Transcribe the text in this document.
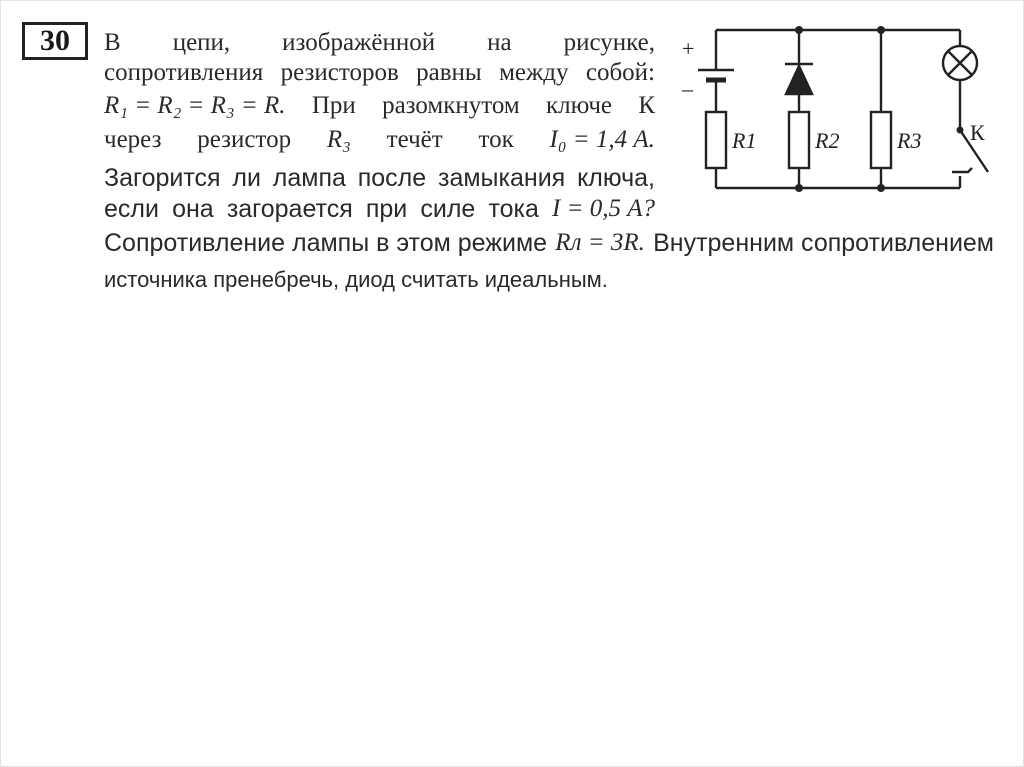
30	В цепи, изображённой на рисунке,
сопротивления резисторов равны между собой:
R₁ = R₂ = R₃ = R. При разомкнутом ключе К
через резистор R₃ течёт ток I₀ = 1,4 А.
Загорится ли лампа после замыкания ключа,
если она загорается при силе тока I = 0,5 А?
Сопротивление лампы в этом режиме Rл = 3R. Внутренним сопротивлением
источника пренебречь, диод считать идеальным.
+
–
R1	R2	R3 К
